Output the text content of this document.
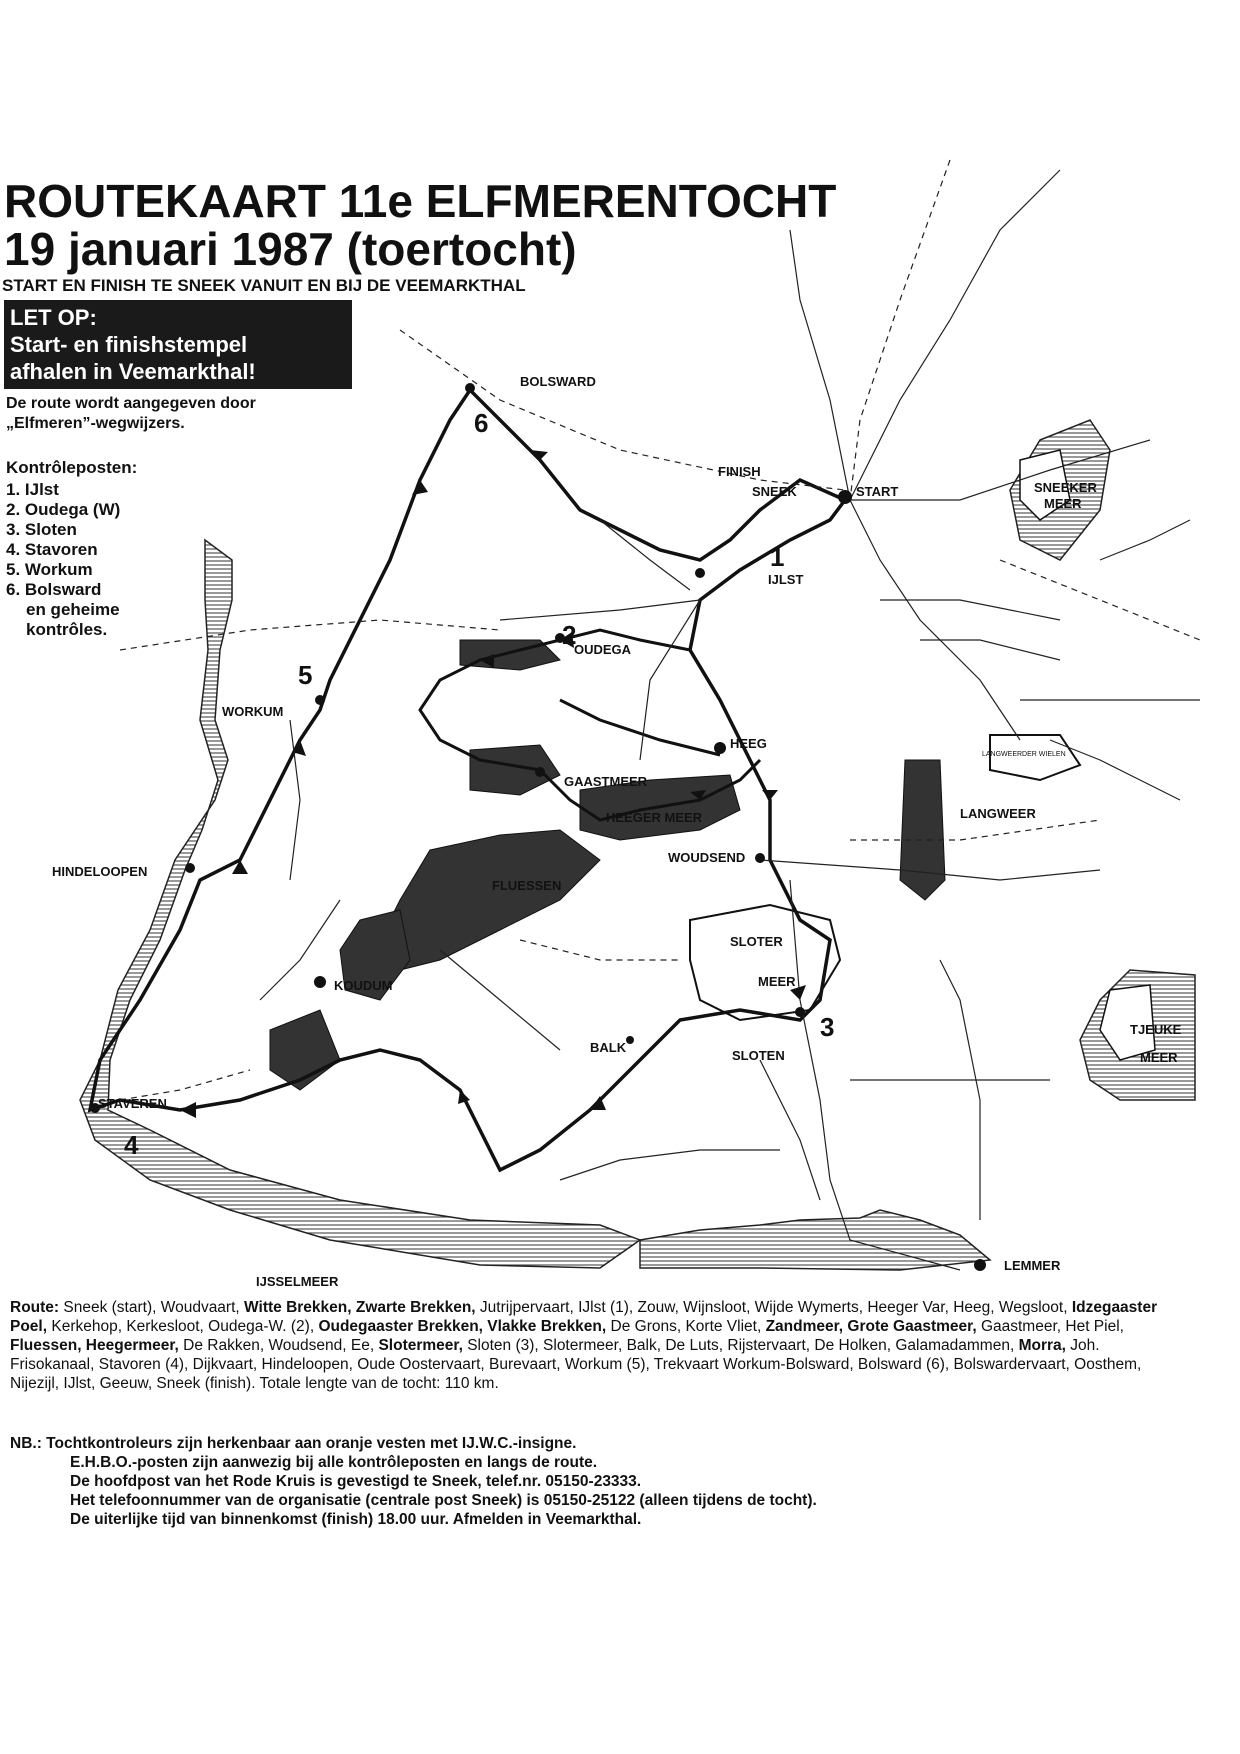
BOLSWARD
FINISH
SNEEK	START
IJLST
OUDEGA
HEEG
GAASTMEER
WORKUM
HINDELOOPEN
KOUDUM
STAVEREN
BALK
SLOTEN
SLOTER
MEER
WOUDSEND
FLUESSEN
HEEGER MEER	LANGWEER
LEMMER
IJSSELMEER
SNEEKER
MEER
TJEUKE
MEER
LANGWEERDER WIELEN
1
2
3
4
5
6
ROUTEKAART 11e ELFMERENTOCHT
19 januari 1987 (toertocht)
START EN FINISH TE SNEEK VANUIT EN BIJ DE VEEMARKTHAL
LET OP:
Start- en finishstempel
afhalen in Veemarkthal!
De route wordt aangegeven door
„Elfmeren”-wegwijzers.
Kontrôleposten:
1. IJlst
2. Oudega (W)
3. Sloten
4. Stavoren
5. Workum
6. Bolsward
en geheime
kontrôles.
Route: Sneek (start), Woudvaart, Witte Brekken, Zwarte Brekken, Jutrijpervaart, IJlst (1), Zouw, Wijnsloot, Wijde Wymerts, Heeger Var, Heeg, Wegsloot, Idzegaaster Poel, Kerkehop, Kerkesloot, Oudega-W. (2), Oudegaaster Brekken, Vlakke Brekken, De Grons, Korte Vliet, Zandmeer, Grote Gaastmeer, Gaastmeer, Het Piel, Fluessen, Heegermeer, De Rakken, Woudsend, Ee, Slotermeer, Sloten (3), Slotermeer, Balk, De Luts, Rijstervaart, De Holken, Galamadammen, Morra, Joh. Frisokanaal, Stavoren (4), Dijkvaart, Hindeloopen, Oude Oostervaart, Burevaart, Workum (5), Trekvaart Workum-Bolsward, Bolsward (6), Bolswardervaart, Oosthem, Nijezijl, IJlst, Geeuw, Sneek (finish). Totale lengte van de tocht: 110 km.
NB.: Tochtkontroleurs zijn herkenbaar aan oranje vesten met IJ.W.C.-insigne.
E.H.B.O.-posten zijn aanwezig bij alle kontrôleposten en langs de route.
De hoofdpost van het Rode Kruis is gevestigd te Sneek, telef.nr. 05150-23333.
Het telefoonnummer van de organisatie (centrale post Sneek) is 05150-25122 (alleen tijdens de tocht).
De uiterlijke tijd van binnenkomst (finish) 18.00 uur. Afmelden in Veemarkthal.
